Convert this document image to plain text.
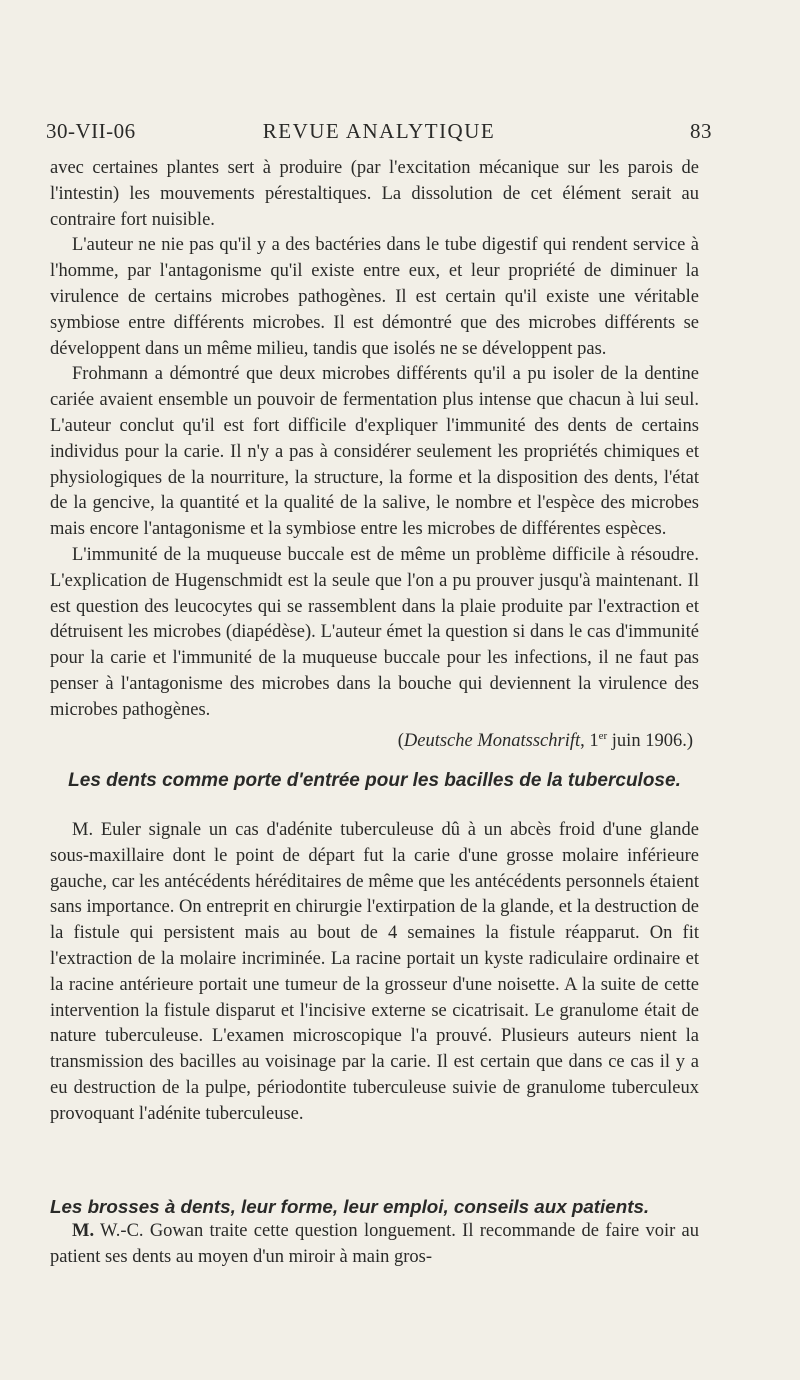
30-VII-06	REVUE ANALYTIQUE	83

avec certaines plantes sert à produire (par l'excitation mécanique sur les parois de l'intestin) les mouvements pérestaltiques. La dissolution de cet élément serait au contraire fort nuisible.

L'auteur ne nie pas qu'il y a des bactéries dans le tube digestif qui rendent service à l'homme, par l'antagonisme qu'il existe entre eux, et leur propriété de diminuer la virulence de certains microbes pathogènes. Il est certain qu'il existe une véritable symbiose entre différents microbes. Il est démontré que des microbes différents se développent dans un même milieu, tandis que isolés ne se développent pas.

Frohmann a démontré que deux microbes différents qu'il a pu isoler de la dentine cariée avaient ensemble un pouvoir de fermentation plus intense que chacun à lui seul. L'auteur conclut qu'il est fort difficile d'expliquer l'immunité des dents de certains individus pour la carie. Il n'y a pas à considérer seulement les propriétés chimiques et physiologiques de la nourriture, la structure, la forme et la disposition des dents, l'état de la gencive, la quantité et la qualité de la salive, le nombre et l'espèce des microbes mais encore l'antagonisme et la symbiose entre les microbes de différentes espèces.

L'immunité de la muqueuse buccale est de même un problème difficile à résoudre. L'explication de Hugenschmidt est la seule que l'on a pu prouver jusqu'à maintenant. Il est question des leucocytes qui se rassemblent dans la plaie produite par l'extraction et détruisent les microbes (diapédèse). L'auteur émet la question si dans le cas d'immunité pour la carie et l'immunité de la muqueuse buccale pour les infections, il ne faut pas penser à l'antagonisme des microbes dans la bouche qui deviennent la virulence des microbes pathogènes.

(Deutsche Monatsschrift, 1er juin 1906.)

Les dents comme porte d'entrée pour les bacilles de la tuberculose.

M. Euler signale un cas d'adénite tuberculeuse dû à un abcès froid d'une glande sous-maxillaire dont le point de départ fut la carie d'une grosse molaire inférieure gauche, car les antécédents héréditaires de même que les antécédents personnels étaient sans importance. On entreprit en chirurgie l'extirpation de la glande, et la destruction de la fistule qui persistent mais au bout de 4 semaines la fistule réapparut. On fit l'extraction de la molaire incriminée. La racine portait un kyste radiculaire ordinaire et la racine antérieure portait une tumeur de la grosseur d'une noisette. A la suite de cette intervention la fistule disparut et l'incisive externe se cicatrisait. Le granulome était de nature tuberculeuse. L'examen microscopique l'a prouvé. Plusieurs auteurs nient la transmission des bacilles au voisinage par la carie. Il est certain que dans ce cas il y a eu destruction de la pulpe, périodontite tuberculeuse suivie de granulome tuberculeux provoquant l'adénite tuberculeuse.

Les brosses à dents, leur forme, leur emploi, conseils aux patients.

M. W.-C. Gowan traite cette question longuement. Il recommande de faire voir au patient ses dents au moyen d'un miroir à main gros-
